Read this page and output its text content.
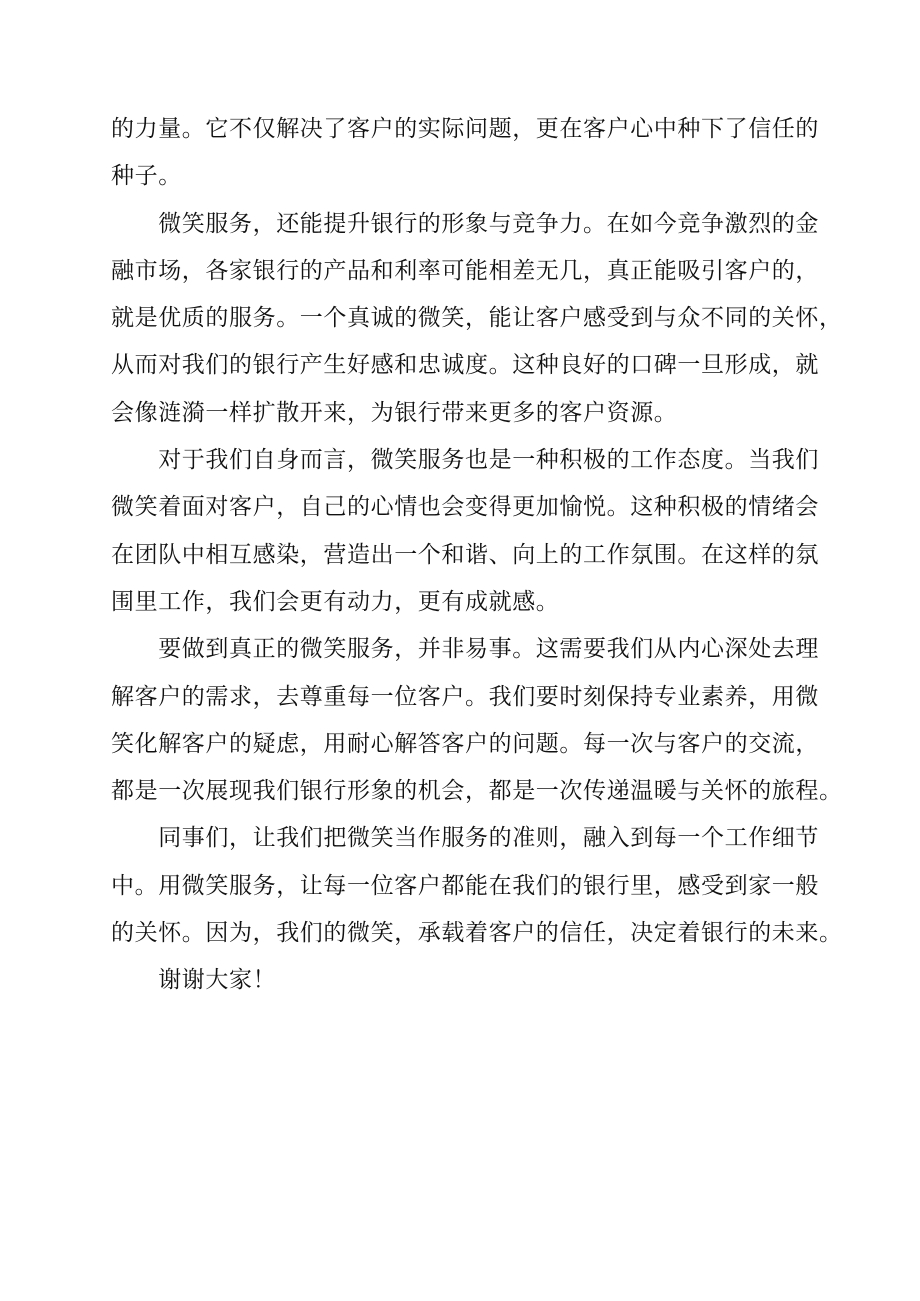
的力量。它不仅解决了客户的实际问题，更在客户心中种下了信任的
种子。
　　微笑服务，还能提升银行的形象与竞争力。在如今竞争激烈的金
融市场，各家银行的产品和利率可能相差无几，真正能吸引客户的，
就是优质的服务。一个真诚的微笑，能让客户感受到与众不同的关怀，
从而对我们的银行产生好感和忠诚度。这种良好的口碑一旦形成，就
会像涟漪一样扩散开来，为银行带来更多的客户资源。
　　对于我们自身而言，微笑服务也是一种积极的工作态度。当我们
微笑着面对客户，自己的心情也会变得更加愉悦。这种积极的情绪会
在团队中相互感染，营造出一个和谐、向上的工作氛围。在这样的氛
围里工作，我们会更有动力，更有成就感。
　　要做到真正的微笑服务，并非易事。这需要我们从内心深处去理
解客户的需求，去尊重每一位客户。我们要时刻保持专业素养，用微
笑化解客户的疑虑，用耐心解答客户的问题。每一次与客户的交流，
都是一次展现我们银行形象的机会，都是一次传递温暖与关怀的旅程。
　　同事们，让我们把微笑当作服务的准则，融入到每一个工作细节
中。用微笑服务，让每一位客户都能在我们的银行里，感受到家一般
的关怀。因为，我们的微笑，承载着客户的信任，决定着银行的未来。
　　谢谢大家！
